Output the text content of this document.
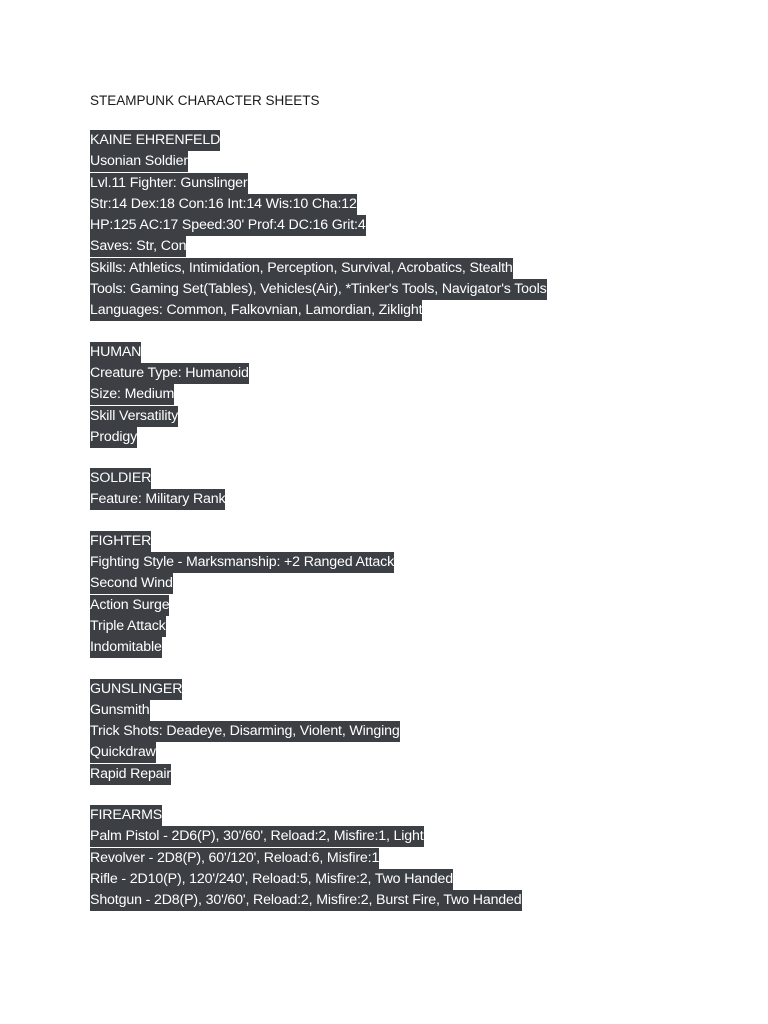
STEAMPUNK CHARACTER SHEETS
KAINE EHRENFELD
Usonian Soldier
Lvl.11 Fighter: Gunslinger
Str:14 Dex:18 Con:16 Int:14 Wis:10 Cha:12
HP:125 AC:17 Speed:30' Prof:4 DC:16 Grit:4
Saves: Str, Con
Skills: Athletics, Intimidation, Perception, Survival, Acrobatics, Stealth
Tools: Gaming Set(Tables), Vehicles(Air), *Tinker's Tools, Navigator's Tools
Languages: Common, Falkovnian, Lamordian, Ziklight
HUMAN
Creature Type: Humanoid
Size: Medium
Skill Versatility
Prodigy
SOLDIER
Feature: Military Rank
FIGHTER
Fighting Style - Marksmanship: +2 Ranged Attack
Second Wind
Action Surge
Triple Attack
Indomitable
GUNSLINGER
Gunsmith
Trick Shots: Deadeye, Disarming, Violent, Winging
Quickdraw
Rapid Repair
FIREARMS
Palm Pistol - 2D6(P), 30'/60', Reload:2, Misfire:1, Light
Revolver - 2D8(P), 60'/120', Reload:6, Misfire:1
Rifle - 2D10(P), 120'/240', Reload:5, Misfire:2, Two Handed
Shotgun - 2D8(P), 30'/60', Reload:2, Misfire:2, Burst Fire, Two Handed
